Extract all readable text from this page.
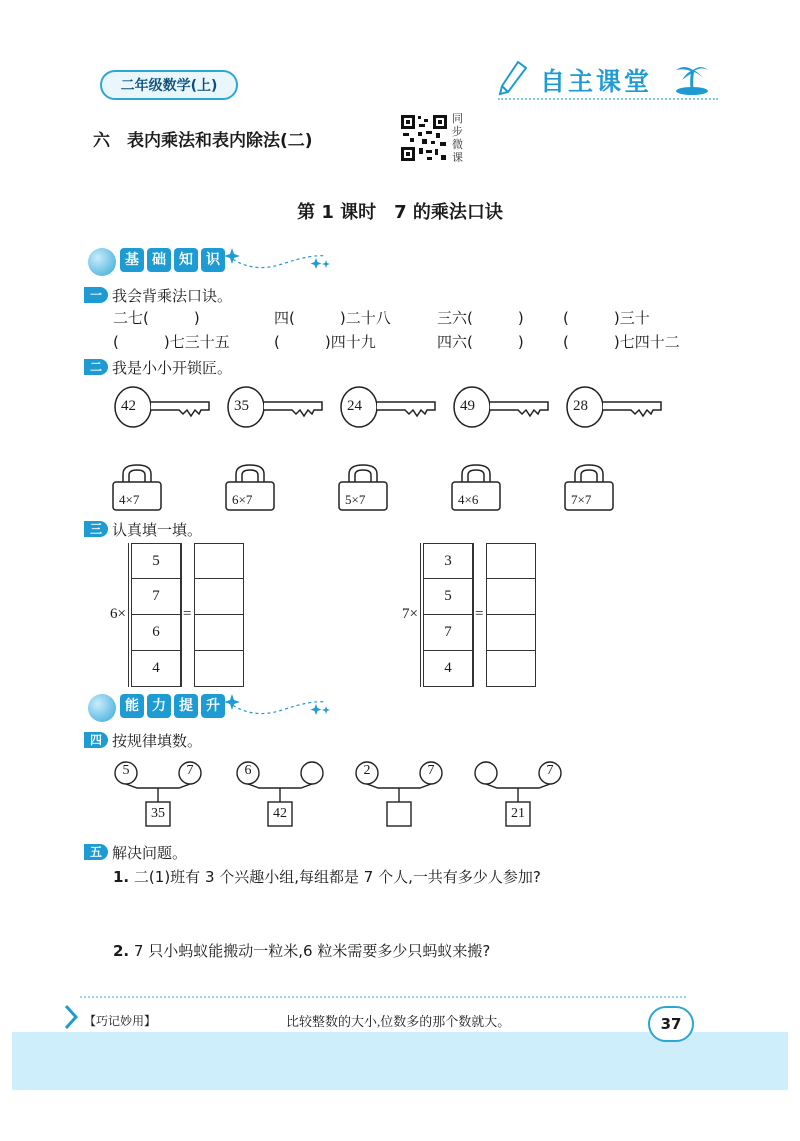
二年级数学(上)	自主课堂
六　表内乘法和表内除法(二)
同
步
微
课
第 1 课时　7 的乘法口诀
基 础 知 识
一 我会背乘法口诀。
二七(　　　)	四(　　　)二十八	三六(　　　)	(　　　)三十
(　　　)七三十五	(　　　)四十九	四六(　　　)	(　　　)七四十二
二 我是小小开锁匠。
42	35	24	49	28
4×7	6×7	5×7	4×6	7×7
三 认真填一填。
6×
5
7
6
4
=	7×
3
5
7
4
=
能 力 提 升
四 按规律填数。
5	7
35
6
42
2	7	7
21
五 解决问题。
1. 二(1)班有 3 个兴趣小组,每组都是 7 个人,一共有多少人参加?
2. 7 只小蚂蚁能搬动一粒米,6 粒米需要多少只蚂蚁来搬?
【巧记妙用】	比较整数的大小,位数多的那个数就大。	37
